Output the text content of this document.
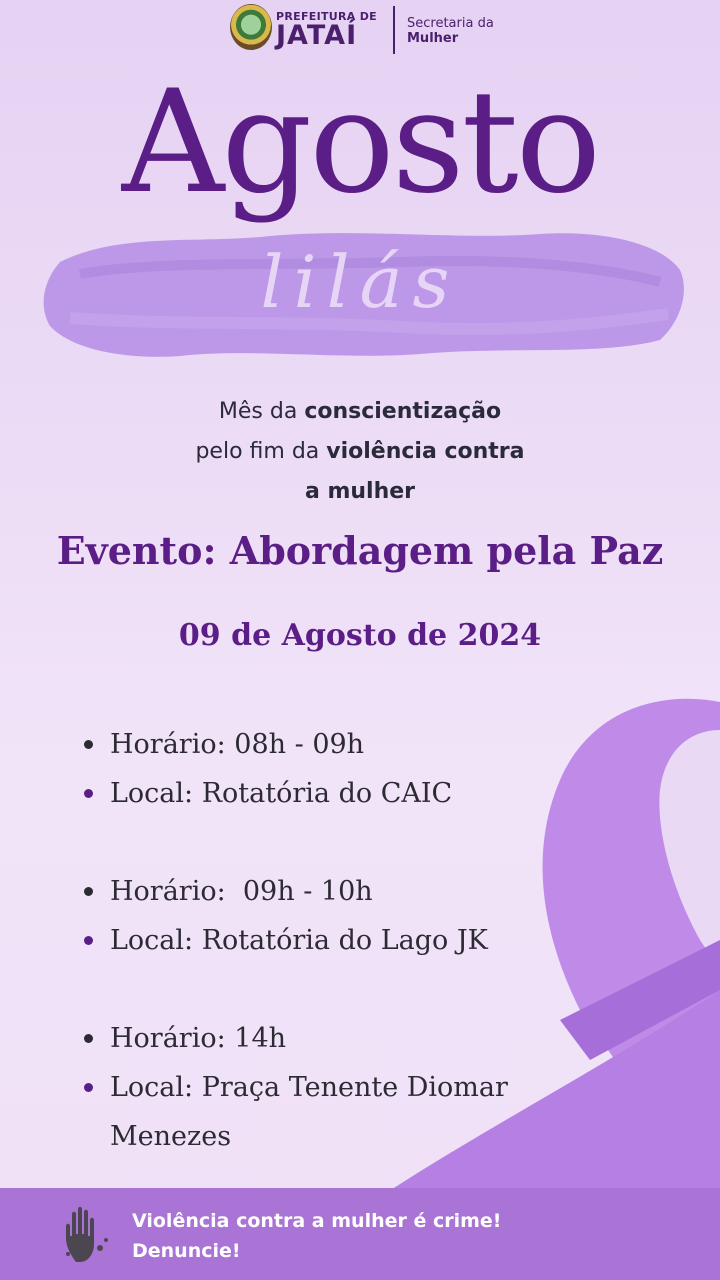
PREFEITURA DE
JATAÍ	Secretaria da
Mulher
Agosto
lilás
Mês da conscientização
pelo fim da violência contra
a mulher
Evento: Abordagem pela Paz
09 de Agosto de 2024
Horário: 08h - 09h
Local: Rotatória do CAIC
Horário:  09h - 10h
Local: Rotatória do Lago JK
Horário: 14h
Local: Praça Tenente Diomar Menezes
Violência contra a mulher é crime!
Denuncie!
